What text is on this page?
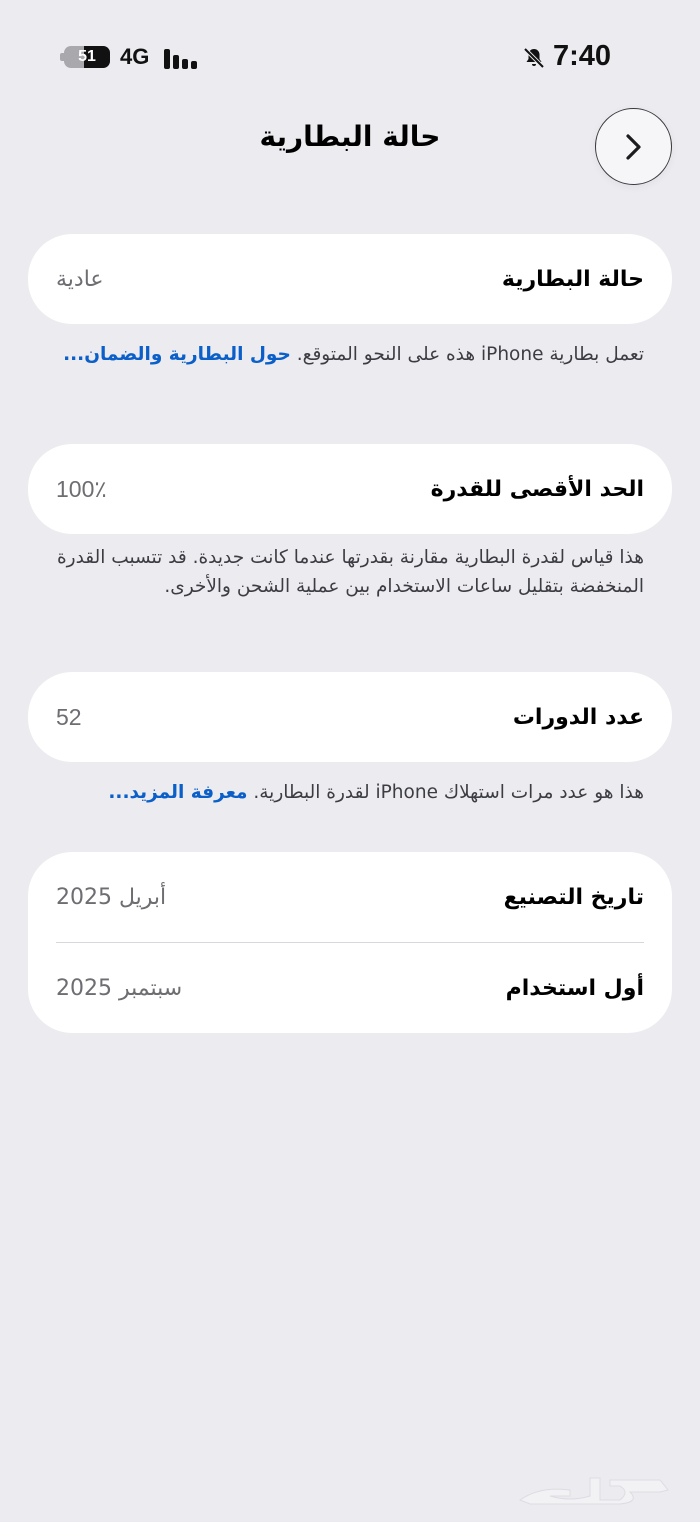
51	4G	7:40
حالة البطارية
حالة البطارية
عادية
تعمل بطارية iPhone هذه على النحو المتوقع. حول البطارية والضمان...
الحد الأقصى للقدرة
100٪
هذا قياس لقدرة البطارية مقارنة بقدرتها عندما كانت جديدة. قد تتسبب القدرة المنخفضة بتقليل ساعات الاستخدام بين عملية الشحن والأخرى.
عدد الدورات
52
هذا هو عدد مرات استهلاك iPhone لقدرة البطارية. معرفة المزيد...
تاريخ التصنيع
أبريل 2025
أول استخدام
سبتمبر 2025
